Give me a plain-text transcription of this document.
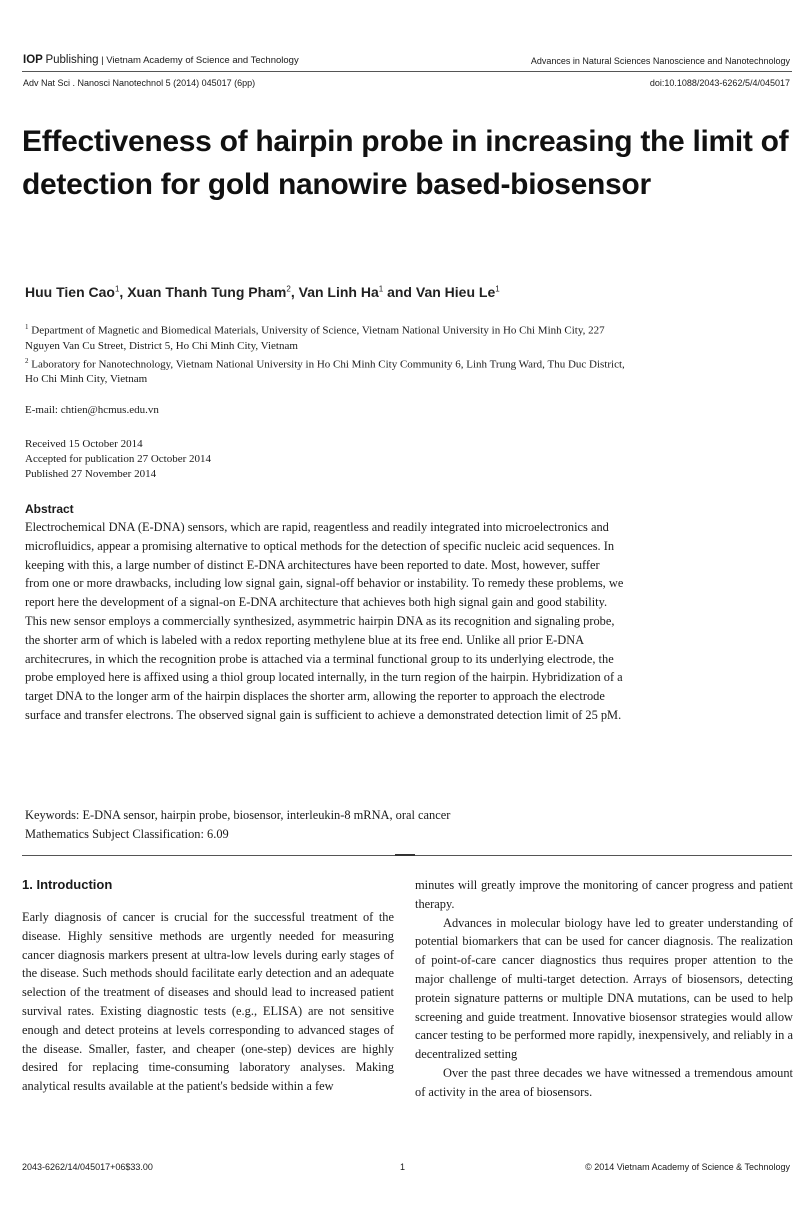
IOP Publishing | Vietnam Academy of Science and Technology	Advances in Natural Sciences Nanoscience and Nanotechnology
Adv Nat Sci . Nanosci Nanotechnol 5 (2014) 045017 (6pp)	doi:10.1088/2043-6262/5/4/045017
Effectiveness of hairpin probe in increasing the limit of detection for gold nanowire based-biosensor
Huu Tien Cao$^1$, Xuan Thanh Tung Pham$^2$, Van Linh Ha$^1$ and Van Hieu Le$^1$
$^1$ Department of Magnetic and Biomedical Materials, University of Science, Vietnam National University in Ho Chi Minh City, 227 Nguyen Van Cu Street, District 5, Ho Chi Minh City, Vietnam
$^2$ Laboratory for Nanotechnology, Vietnam National University in Ho Chi Minh City Community 6, Linh Trung Ward, Thu Duc District, Ho Chi Minh City, Vietnam
E-mail: chtien@hcmus.edu.vn
Received 15 October 2014
Accepted for publication 27 October 2014
Published 27 November 2014
Abstract
Electrochemical DNA (E-DNA) sensors, which are rapid, reagentless and readily integrated into microelectronics and microfluidics, appear a promising alternative to optical methods for the detection of specific nucleic acid sequences. In keeping with this, a large number of distinct E-DNA architectures have been reported to date. Most, however, suffer from one or more drawbacks, including low signal gain, signal-off behavior or instability. To remedy these problems, we report here the development of a signal-on E-DNA architecture that achieves both high signal gain and good stability. This new sensor employs a commercially synthesized, asymmetric hairpin DNA as its recognition and signaling probe, the shorter arm of which is labeled with a redox reporting methylene blue at its free end. Unlike all prior E-DNA architecrures, in which the recognition probe is attached via a terminal functional group to its underlying electrode, the probe employed here is affixed using a thiol group located internally, in the turn region of the hairpin. Hybridization of a target DNA to the longer arm of the hairpin displaces the shorter arm, allowing the reporter to approach the electrode surface and transfer electrons. The observed signal gain is sufficient to achieve a demonstrated detection limit of 25 pM.
Keywords: E-DNA sensor, hairpin probe, biosensor, interleukin-8 mRNA, oral cancer
Mathematics Subject Classification: 6.09
1. Introduction

Early diagnosis of cancer is crucial for the successful treatment of the disease. Highly sensitive methods are urgently needed for measuring cancer diagnosis markers present at ultra-low levels during early stages of the disease. Such methods should facilitate early detection and an adequate selection of the treatment of diseases and should lead to increased patient survival rates. Existing diagnostic tests (e.g., ELISA) are not sensitive enough and detect proteins at levels corresponding to advanced stages of the disease. Smaller, faster, and cheaper (one-step) devices are highly desired for replacing time-consuming laboratory analyses. Making analytical results available at the patient's bedside within a few

minutes will greatly improve the monitoring of cancer progress and patient therapy.

Advances in molecular biology have led to greater understanding of potential biomarkers that can be used for cancer diagnosis. The realization of point-of-care cancer diagnostics thus requires proper attention to the major challenge of multi-target detection. Arrays of biosensors, detecting protein signature patterns or multiple DNA mutations, can be used to help screening and guide treatment. Innovative biosensor strategies would allow cancer testing to be performed more rapidly, inexpensively, and reliably in a decentralized setting

Over the past three decades we have witnessed a tremendous amount of activity in the area of biosensors.

2043-6262/14/045017+06$33.00	1	© 2014 Vietnam Academy of Science & Technology
